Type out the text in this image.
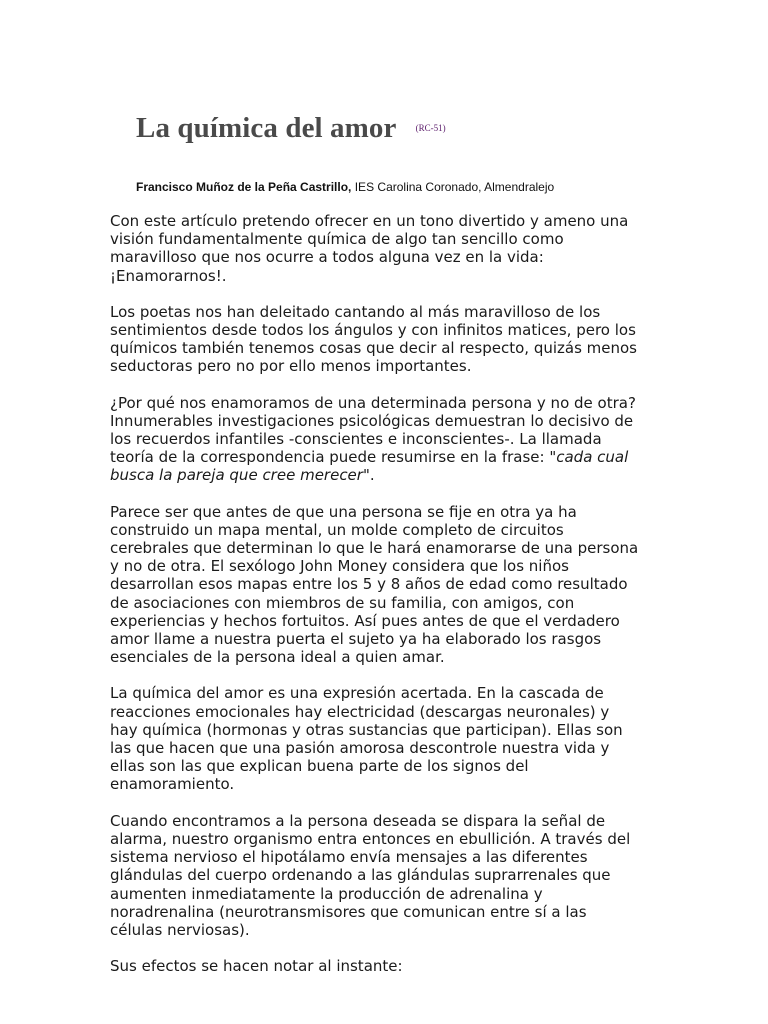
La química del amor $^{(RC-51)}$
Francisco Muñoz de la Peña Castrillo, IES Carolina Coronado, Almendralejo

Con este artículo pretendo ofrecer en un tono divertido y ameno una
visión fundamentalmente química de algo tan sencillo como
maravilloso que nos ocurre a todos alguna vez en la vida:
¡Enamorarnos!.

Los poetas nos han deleitado cantando al más maravilloso de los
sentimientos desde todos los ángulos y con infinitos matices, pero los
químicos también tenemos cosas que decir al respecto, quizás menos
seductoras pero no por ello menos importantes.

¿Por qué nos enamoramos de una determinada persona y no de otra?
Innumerables investigaciones psicológicas demuestran lo decisivo de
los recuerdos infantiles -conscientes e inconscientes-. La llamada
teoría de la correspondencia puede resumirse en la frase: "cada cual
busca la pareja que cree merecer".

Parece ser que antes de que una persona se fije en otra ya ha
construido un mapa mental, un molde completo de circuitos
cerebrales que determinan lo que le hará enamorarse de una persona
y no de otra. El sexólogo John Money considera que los niños
desarrollan esos mapas entre los 5 y 8 años de edad como resultado
de asociaciones con miembros de su familia, con amigos, con
experiencias y hechos fortuitos. Así pues antes de que el verdadero
amor llame a nuestra puerta el sujeto ya ha elaborado los rasgos
esenciales de la persona ideal a quien amar.

La química del amor es una expresión acertada. En la cascada de
reacciones emocionales hay electricidad (descargas neuronales) y
hay química (hormonas y otras sustancias que participan). Ellas son
las que hacen que una pasión amorosa descontrole nuestra vida y
ellas son las que explican buena parte de los signos del
enamoramiento.

Cuando encontramos a la persona deseada se dispara la señal de
alarma, nuestro organismo entra entonces en ebullición. A través del
sistema nervioso el hipotálamo envía mensajes a las diferentes
glándulas del cuerpo ordenando a las glándulas suprarrenales que
aumenten inmediatamente la producción de adrenalina y
noradrenalina (neurotransmisores que comunican entre sí a las
células nerviosas).

Sus efectos se hacen notar al instante:
